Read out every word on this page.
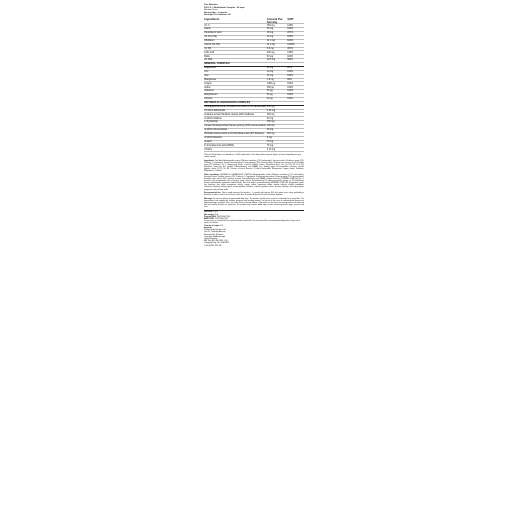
Trec Nutrition
P.H.L.X.® Multivitamin Complex - 60 caps
Nutrition Facts
Serving Size: 1 capsule
Servings Per Container: 60
Ingredients	Amount Per Serving	%RI*
Vit. C	150 mg	125%
Niacin	26 mg	163%
Pantothenic Acid	18 mg	267%
Vit. E (α-TE)	12 mg	100%
Riboflavin	11.1 mg	814%
Tiamin (Vit. B1)	11.1 mg	1009%
Vit. B6	5.4 mg	457%
Folic Acid	200 mg	145%
Biotin	50 mg	100%
Vit. B12	12.5 mg	500%
MINERAL COMPLEX		
Magnesium	84 mg	22%
Iron	14 mg	100%
Zinc	15 mg	150%
Manganese	1.9 mg	95%
Copper	1000 µg	100%
Iodine	150 µg	100%
Selenium	55 µg	100%
Molybdenum	50 µg	100%
Chrome	40 µg	100%
METABOLIC ENHANCERS COMPLEX		
Ashwagandha extract Withania somnifera (1.5% withanolids)	150 mg	
Of which withanolids	2.25 mg	
Guarana extract Paullinia cupana (22% Caffeine)	150 mg	
of which Caffeine	33 mg	
L-Tryptophan	150 mg	
Korean Ginseng Extract Panax ginseng (15% Ginsenosides)	100 mg	
of which Ginsenosides	15 mg	
Rhodiola rosea extract (root) Rhodiola rosea (3% Rosavin)	100 mg	
of which Rosavin	3 mg	
Inositol	75 mg	
P-Aminobenzoic acid (PABA)	75 mg	
Choline	4.10 mg	
*Percent Daily Values are based on a 2,000 calorie diet. Your daily values may be higher or lower depending on your calorie needs.
Ingredients: Folic Acid, Ashwagandha extract Withania somnifera (1.5% withanolids), Guarana extract Paullinia cupana (22% Caffeine), L-Tryptophan, Korean Ginseng Extract Panax ginseng (15% Ginsenosides), Rhodiola rosea extract (root) Rhodiola rosea (3% Rosavin), Vit. C, Magnesium, Biotin, of which Caffeine, Niacin, Pantothenic Acid, Iron, Vit. B12, Vit. E (α-TE), Riboflavin, Tiamin (vit. B1), Inositol, P-Aminobenzoic acid (PABA), Zinc, bulking agent: microcrystalline cellulose, capsule (gelatin, colour: E171), Vit. B6, Chrome, of which Rosavin, Of which withanolids, Manganese, Copper, Iodine, Selenium, Molybdenum, Choline.
Other ingredients: METABOLIC ENHANCERS COMPLEX [Ashwagandha extract Withania somnifera (1.5% withanolids), Guarana extract Paullinia cupana (22% Caffeine), L-Tryptophan, Korean ginseng extract Panax ginseng (15% ginsenosides), Rhodiola rosea extract (3% rosavins), inositol, P-aminobenzoic acid (PABA), choline bitartrate], VITAMIN COMPLEX [vit. C, ascorbic acid; nicotinamide; niacin (nicotinic acid); calcium D-pantothenate; DL-alpha-tocopheryl acetate; vit. B2 (riboflavin); thiamin hydrochloride; pyridoxine hydrochloride; folic acid; biotin; cyanocobalamin], MINERAL COMPLEX [magnesium oxide; iron fumarate; zinc oxide; manganese sulfate; copper sulfate; potassium iodide; sodium selenite; sodium molybdate; chromium chloride], bulking agent: microcrystalline cellulose, capsule (gelatin, colour: titanium dioxide), anti-caking agent: magnesium salts of fatty acids.
Recommended use: Take a single serving of the product – 1 capsule with approx. 300 ml of water, once a day, preferably at breakfast or after a meal. Do not use for more than 2 months. Attention! Do not use before bedtime.
Warnings: Do not exceed the recommended daily dose. The product should not be used as a substitute for a varied diet. The preparation is not intended for children, pregnant and lactating women. Do not use in the case of cardiovascular diseases or hypersensitivity to caffeine. Store out of the reach of young children. Information on the label concerning products is balanced diet and healthy lifestyle are important. The product may contain: milk, soy; cereals containing gluten; eggs; peanuts and nuts.
Unit Size: 1 pcs
Net weight: 36g
Product EAN: 5902114017965
BARCODE: 5902114017965
Do not use as a substitute for a balanced and varied diet. Do not exceed the recommended daily dose. Keep out of reach of children.
Country of origin: UK
Importer:
Protein Body Nutrition Ltd,
Unit 11, Ormesby Avenue,
Riverside Rd, Northern,
Ormesby, Middlesbrough,
United Kingdom
VAT Reg No. 086 1814 2 46
Company Reg. No. 09409822
(+44) 01642 395 320
